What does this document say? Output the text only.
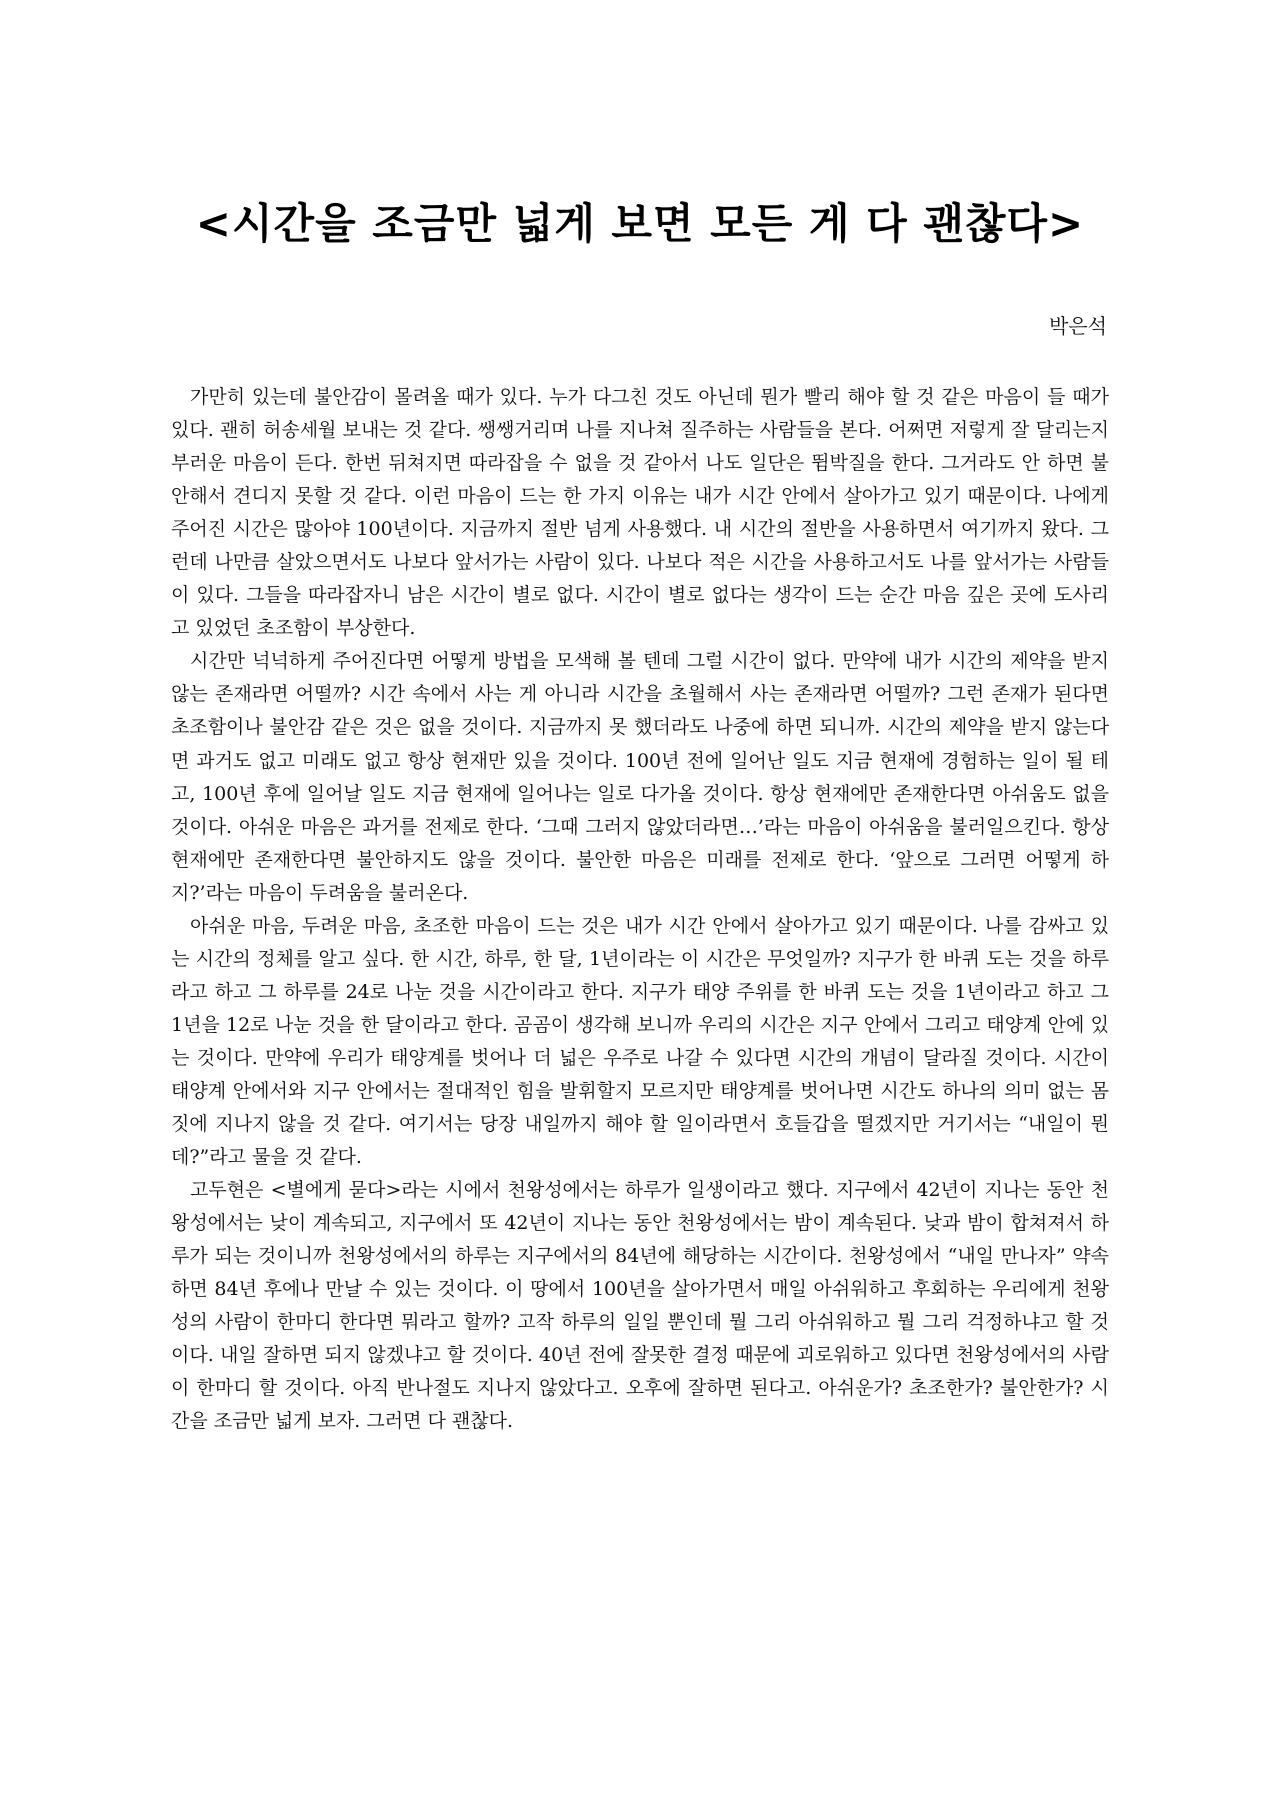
<시간을 조금만 넓게 보면 모든 게 다 괜찮다>
박은석

가만히 있는데 불안감이 몰려올 때가 있다. 누가 다그친 것도 아닌데 뭔가 빨리 해야 할 것 같은 마음이 들 때가 있다. 괜히 허송세월 보내는 것 같다. 쌩쌩거리며 나를 지나쳐 질주하는 사람들을 본다. 어쩌면 저렇게 잘 달리는지 부러운 마음이 든다. 한번 뒤쳐지면 따라잡을 수 없을 것 같아서 나도 일단은 뜀박질을 한다. 그거라도 안 하면 불안해서 견디지 못할 것 같다. 이런 마음이 드는 한 가지 이유는 내가 시간 안에서 살아가고 있기 때문이다. 나에게 주어진 시간은 많아야 100년이다. 지금까지 절반 넘게 사용했다. 내 시간의 절반을 사용하면서 여기까지 왔다. 그런데 나만큼 살았으면서도 나보다 앞서가는 사람이 있다. 나보다 적은 시간을 사용하고서도 나를 앞서가는 사람들이 있다. 그들을 따라잡자니 남은 시간이 별로 없다. 시간이 별로 없다는 생각이 드는 순간 마음 깊은 곳에 도사리고 있었던 초조함이 부상한다.

시간만 넉넉하게 주어진다면 어떻게 방법을 모색해 볼 텐데 그럴 시간이 없다. 만약에 내가 시간의 제약을 받지 않는 존재라면 어떨까? 시간 속에서 사는 게 아니라 시간을 초월해서 사는 존재라면 어떨까? 그런 존재가 된다면 초조함이나 불안감 같은 것은 없을 것이다. 지금까지 못 했더라도 나중에 하면 되니까. 시간의 제약을 받지 않는다면 과거도 없고 미래도 없고 항상 현재만 있을 것이다. 100년 전에 일어난 일도 지금 현재에 경험하는 일이 될 테고, 100년 후에 일어날 일도 지금 현재에 일어나는 일로 다가올 것이다. 항상 현재에만 존재한다면 아쉬움도 없을 것이다. 아쉬운 마음은 과거를 전제로 한다. ‘그때 그러지 않았더라면…’라는 마음이 아쉬움을 불러일으킨다. 항상 현재에만 존재한다면 불안하지도 않을 것이다. 불안한 마음은 미래를 전제로 한다. ‘앞으로 그러면 어떻게 하지?’라는 마음이 두려움을 불러온다.

아쉬운 마음, 두려운 마음, 초조한 마음이 드는 것은 내가 시간 안에서 살아가고 있기 때문이다. 나를 감싸고 있는 시간의 정체를 알고 싶다. 한 시간, 하루, 한 달, 1년이라는 이 시간은 무엇일까? 지구가 한 바퀴 도는 것을 하루라고 하고 그 하루를 24로 나눈 것을 시간이라고 한다. 지구가 태양 주위를 한 바퀴 도는 것을 1년이라고 하고 그 1년을 12로 나눈 것을 한 달이라고 한다. 곰곰이 생각해 보니까 우리의 시간은 지구 안에서 그리고 태양계 안에 있는 것이다. 만약에 우리가 태양계를 벗어나 더 넓은 우주로 나갈 수 있다면 시간의 개념이 달라질 것이다. 시간이 태양계 안에서와 지구 안에서는 절대적인 힘을 발휘할지 모르지만 태양계를 벗어나면 시간도 하나의 의미 없는 몸짓에 지나지 않을 것 같다. 여기서는 당장 내일까지 해야 할 일이라면서 호들갑을 떨겠지만 거기서는 “내일이 뭔데?”라고 물을 것 같다.

고두현은 <별에게 묻다>라는 시에서 천왕성에서는 하루가 일생이라고 했다. 지구에서 42년이 지나는 동안 천왕성에서는 낮이 계속되고, 지구에서 또 42년이 지나는 동안 천왕성에서는 밤이 계속된다. 낮과 밤이 합쳐져서 하루가 되는 것이니까 천왕성에서의 하루는 지구에서의 84년에 해당하는 시간이다. 천왕성에서 “내일 만나자” 약속하면 84년 후에나 만날 수 있는 것이다. 이 땅에서 100년을 살아가면서 매일 아쉬워하고 후회하는 우리에게 천왕성의 사람이 한마디 한다면 뭐라고 할까? 고작 하루의 일일 뿐인데 뭘 그리 아쉬워하고 뭘 그리 걱정하냐고 할 것이다. 내일 잘하면 되지 않겠냐고 할 것이다. 40년 전에 잘못한 결정 때문에 괴로워하고 있다면 천왕성에서의 사람이 한마디 할 것이다. 아직 반나절도 지나지 않았다고. 오후에 잘하면 된다고. 아쉬운가? 초조한가? 불안한가? 시간을 조금만 넓게 보자. 그러면 다 괜찮다.
